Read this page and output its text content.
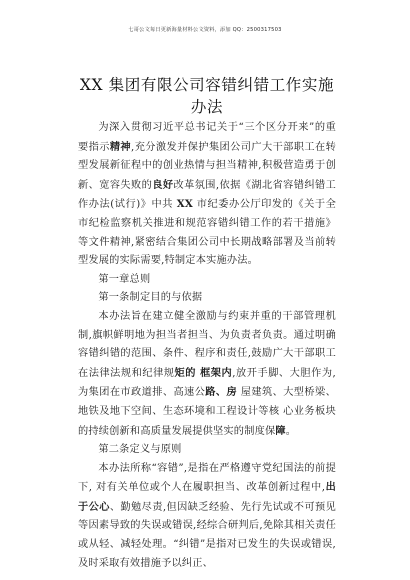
七哥公文每日更新海量材料公文资料，添加 QQ：2500317503
XX 集团有限公司容错纠错工作实施办法

为深入贯彻习近平总书记关于“三个区分开来”的重要指示精神,充分激发并保护集团公司广大干部职工在转型发展新征程中的创业热情与担当精神,积极营造勇于创新、宽容失败的良好改革氛围,依据《湖北省容错纠错工作办法(试行)》中共 XX 市纪委办公厅印发的《关于全市纪检监察机关推进和规范容错纠错工作的若干措施》等文件精神,紧密结合集团公司中长期战略部署及当前转型发展的实际需要,特制定本实施办法。

第一章总则

第一条制定目的与依据

本办法旨在建立健全激励与约束并重的干部管理机制,旗帜鲜明地为担当者担当、为负责者负责。通过明确容错纠错的范围、条件、程序和责任,鼓励广大干部职工在法律法规和纪律规矩的 框架内,放开手脚、大胆作为,为集团在市政道排、高速公路、房 屋建筑、大型桥梁、地铁及地下空间、生态环境和工程设计等核 心业务板块的持续创新和高质量发展提供坚实的制度保障。

第二条定义与原则

本办法所称“容错”,是指在严格遵守党纪国法的前提下, 对有关单位或个人在履职担当、改革创新过程中,出于公心、勤勉尽责,但因缺乏经验、先行先试或不可预见等因素导致的失误或错误,经综合研判后,免除其相关责任或从轻、减轻处理。“纠错”是指对已发生的失误或错误,及时采取有效措施予以纠正、
